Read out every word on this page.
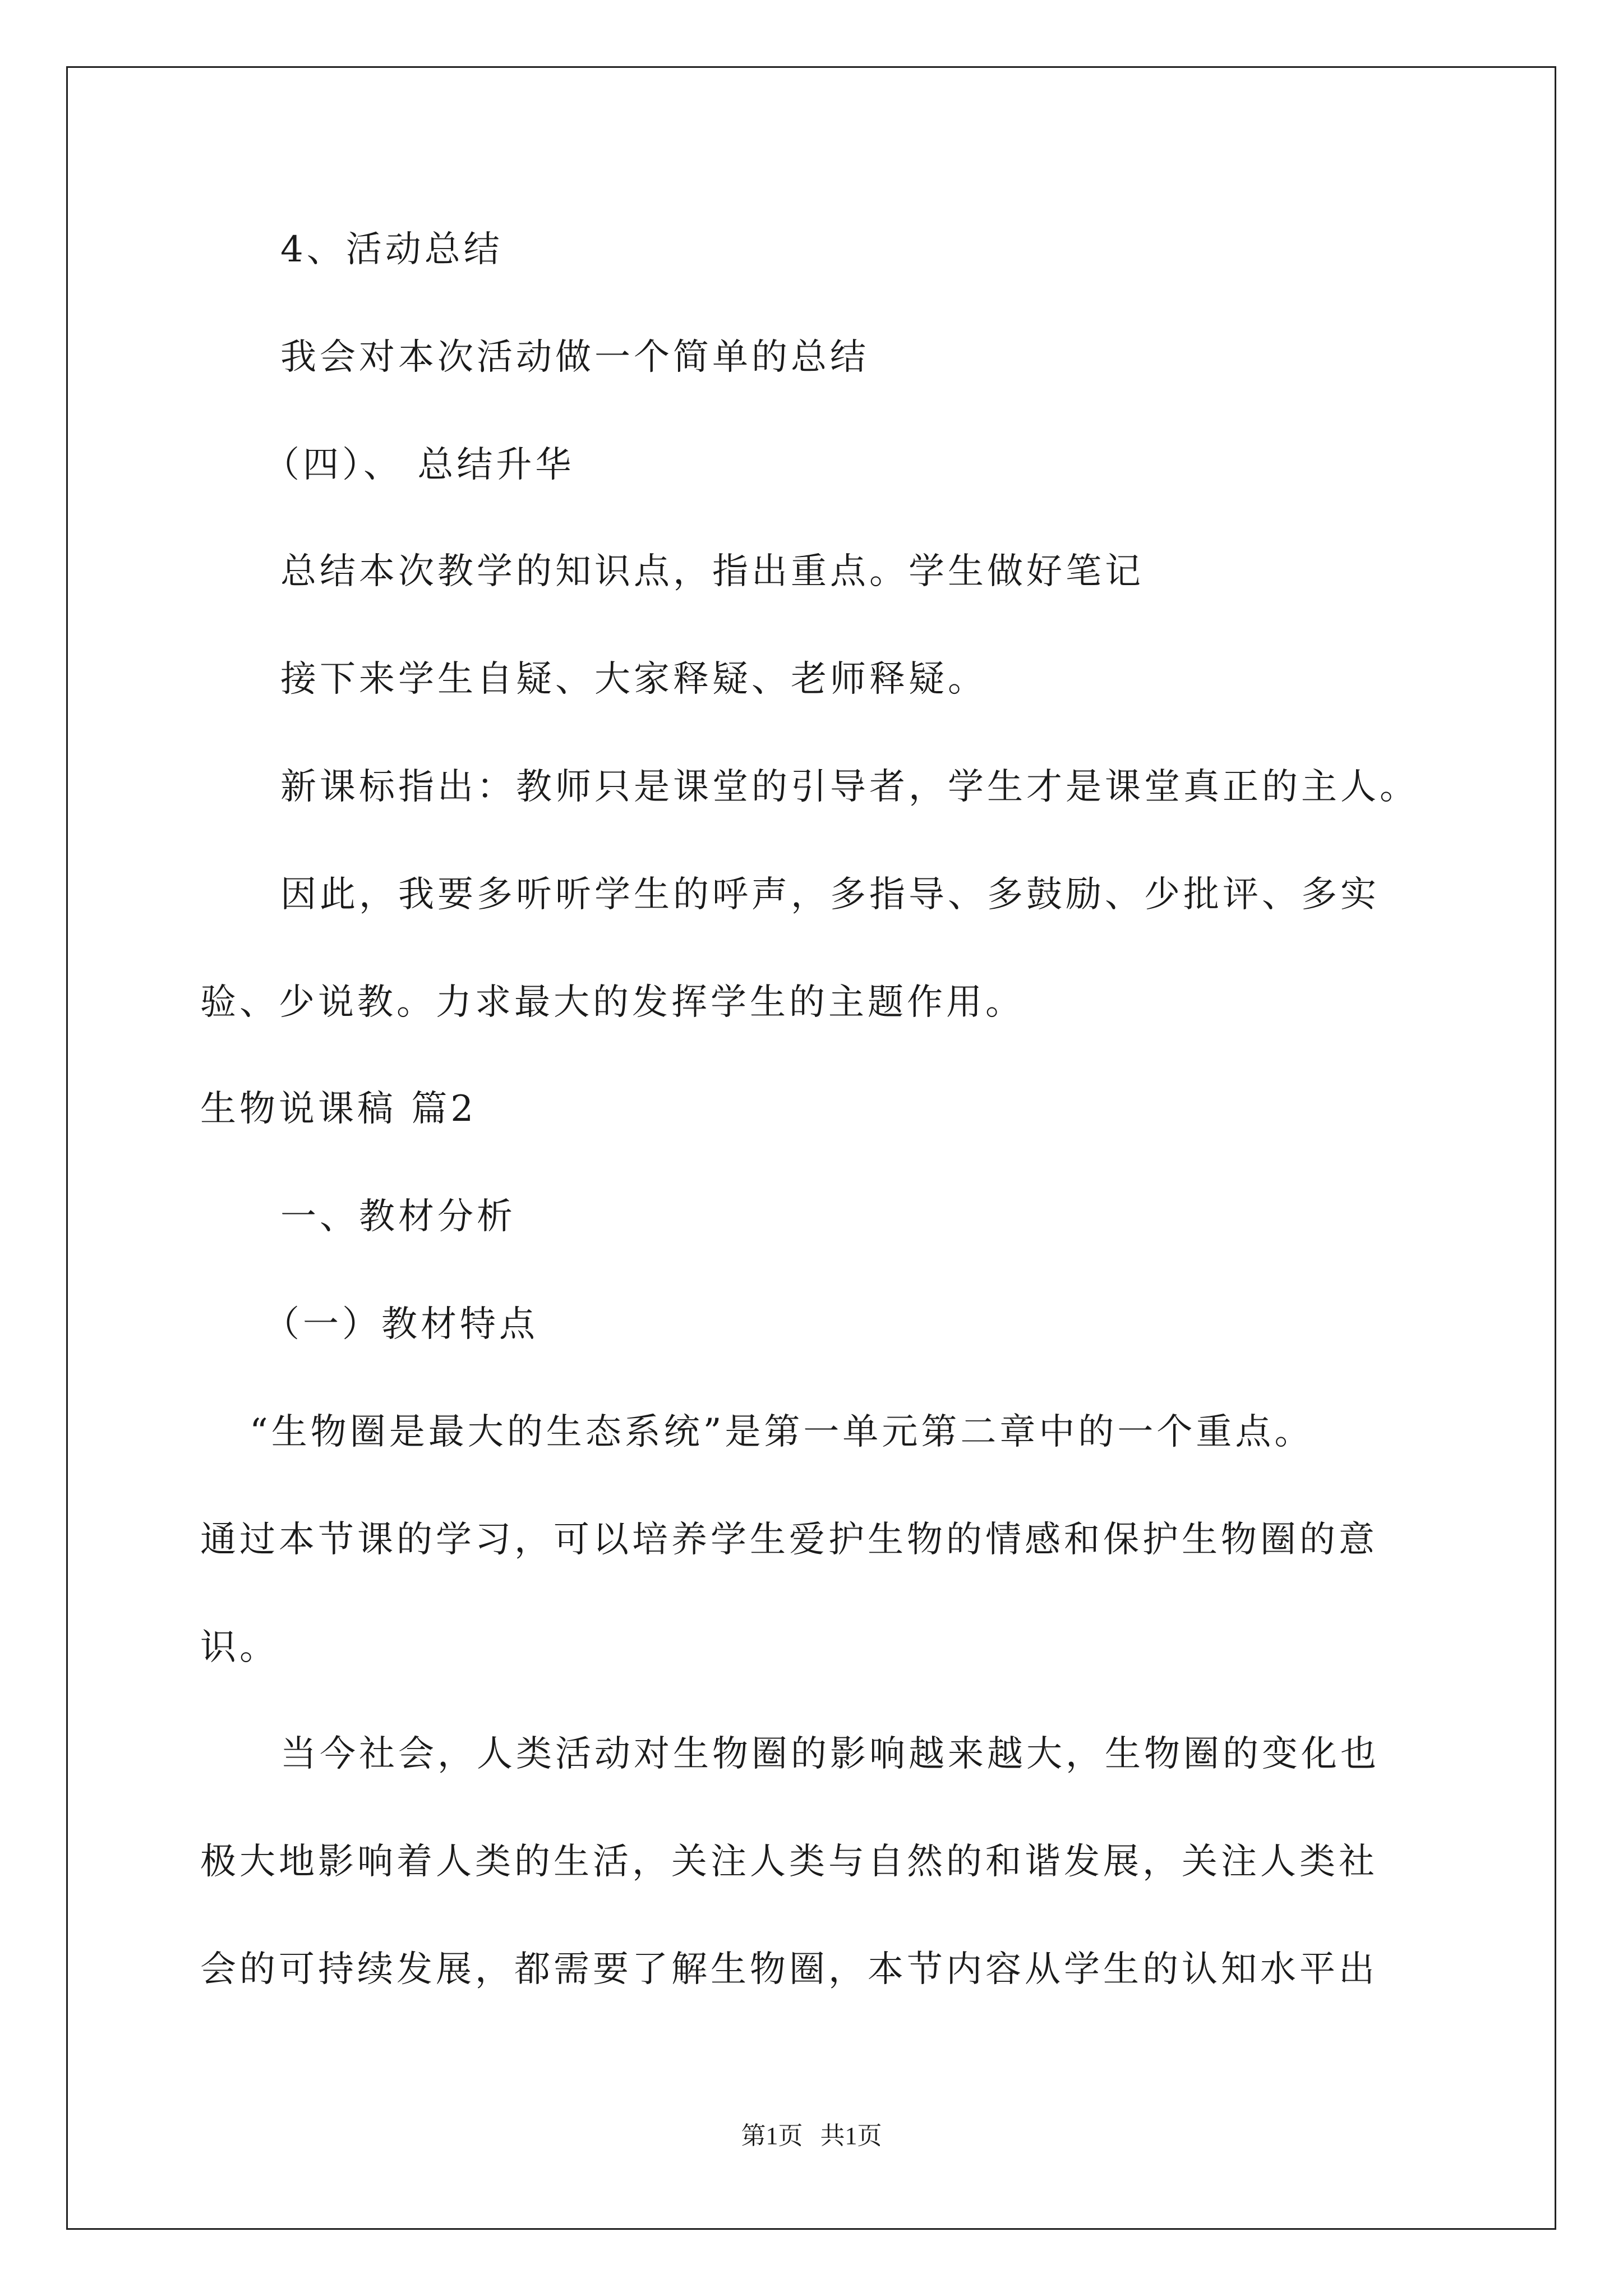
4、活动总结
我会对本次活动做一个简单的总结
（四）、 总结升华
总结本次教学的知识点，指出重点。学生做好笔记
接下来学生自疑、大家释疑、老师释疑。
新课标指出：教师只是课堂的引导者，学生才是课堂真正的主人。
因此，我要多听听学生的呼声，多指导、多鼓励、少批评、多实
验、少说教。力求最大的发挥学生的主题作用。
生物说课稿 篇2
一、教材分析
（一）教材特点
“生物圈是最大的生态系统”是第一单元第二章中的一个重点。
通过本节课的学习，可以培养学生爱护生物的情感和保护生物圈的意
识。
当今社会，人类活动对生物圈的影响越来越大，生物圈的变化也
极大地影响着人类的生活，关注人类与自然的和谐发展，关注人类社
会的可持续发展，都需要了解生物圈，本节内容从学生的认知水平出
第1页 共1页
